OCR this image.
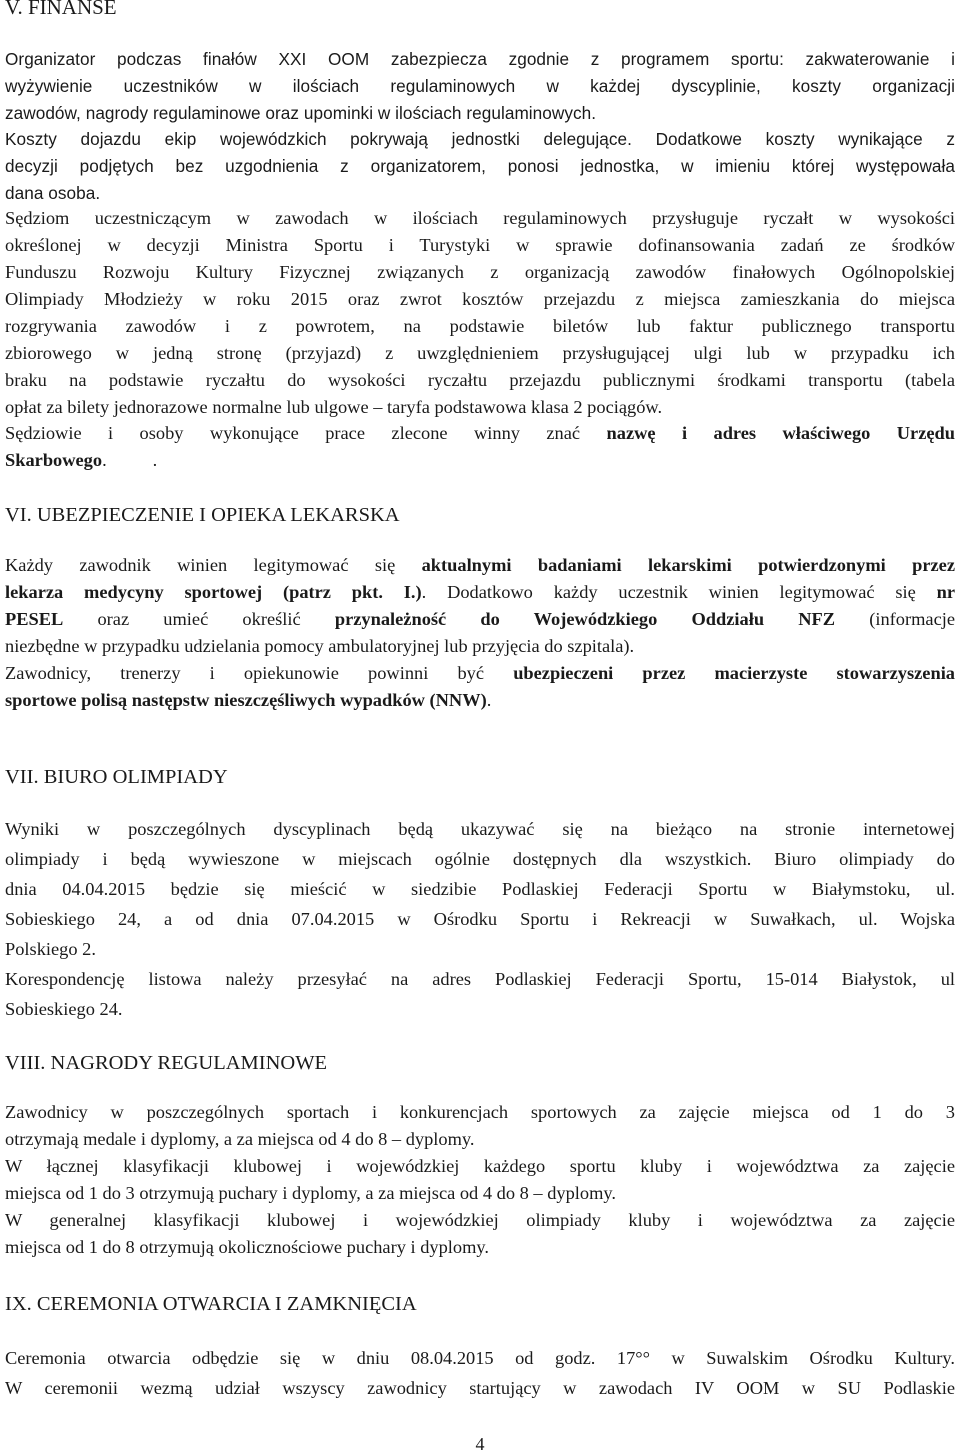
V. FINANSE
Organizator podczas finałów XXI OOM zabezpiecza zgodnie z programem sportu: zakwaterowanie i
wyżywienie uczestników w ilościach regulaminowych w każdej dyscyplinie, koszty organizacji
zawodów, nagrody regulaminowe oraz upominki w ilościach regulaminowych.
Koszty dojazdu ekip wojewódzkich pokrywają jednostki delegujące. Dodatkowe koszty wynikające z
decyzji podjętych bez uzgodnienia z organizatorem, ponosi jednostka, w imieniu której występowała
dana osoba.
Sędziom uczestniczącym w zawodach w ilościach regulaminowych przysługuje ryczałt w wysokości
określonej w decyzji Ministra Sportu i Turystyki w sprawie dofinansowania zadań ze środków
Funduszu Rozwoju Kultury Fizycznej związanych z organizacją zawodów finałowych Ogólnopolskiej
Olimpiady Młodzieży w roku 2015 oraz zwrot kosztów przejazdu z miejsca zamieszkania do miejsca
rozgrywania zawodów i z powrotem, na podstawie biletów lub faktur publicznego transportu
zbiorowego w jedną stronę (przyjazd) z uwzględnieniem przysługującej ulgi lub w przypadku ich
braku na podstawie ryczałtu do wysokości ryczałtu przejazdu publicznymi środkami transportu (tabela
opłat za bilety jednorazowe normalne lub ulgowe – taryfa podstawowa klasa 2 pociągów.
Sędziowie i osoby wykonujące prace zlecone winny znać nazwę i adres właściwego Urzędu
Skarbowego.          .
VI. UBEZPIECZENIE I OPIEKA LEKARSKA
Każdy zawodnik winien legitymować się aktualnymi badaniami lekarskimi potwierdzonymi przez
lekarza medycyny sportowej (patrz pkt. I.). Dodatkowo każdy uczestnik winien legitymować się nr
PESEL oraz umieć określić przynależność do Wojewódzkiego Oddziału NFZ (informacje
niezbędne w przypadku udzielania pomocy ambulatoryjnej lub przyjęcia do szpitala).
Zawodnicy, trenerzy i opiekunowie powinni być ubezpieczeni przez macierzyste stowarzyszenia
sportowe polisą następstw nieszczęśliwych wypadków (NNW).
VII. BIURO OLIMPIADY
Wyniki w poszczególnych dyscyplinach będą ukazywać się na bieżąco na stronie internetowej
olimpiady i będą wywieszone w miejscach ogólnie dostępnych dla wszystkich. Biuro olimpiady do
dnia 04.04.2015 będzie się mieścić w siedzibie Podlaskiej Federacji Sportu w Białymstoku, ul.
Sobieskiego 24, a od dnia 07.04.2015 w Ośrodku Sportu i Rekreacji w Suwałkach, ul. Wojska
Polskiego 2.
Korespondencję listowa należy przesyłać na adres Podlaskiej Federacji Sportu, 15-014 Białystok, ul
Sobieskiego 24.
VIII. NAGRODY REGULAMINOWE
Zawodnicy w poszczególnych sportach i konkurencjach sportowych za zajęcie miejsca od 1 do 3
otrzymają medale i dyplomy, a za miejsca od 4 do 8 – dyplomy.
W łącznej klasyfikacji klubowej i wojewódzkiej każdego sportu kluby i województwa za zajęcie
miejsca od 1 do 3 otrzymują puchary i dyplomy, a za miejsca od 4 do 8 – dyplomy.
W generalnej klasyfikacji klubowej i wojewódzkiej olimpiady kluby i województwa za zajęcie
miejsca od 1 do 8 otrzymują okolicznościowe puchary i dyplomy.
IX. CEREMONIA OTWARCIA I ZAMKNIĘCIA
Ceremonia otwarcia odbędzie się w dniu 08.04.2015 od godz. 17°° w Suwalskim Ośrodku Kultury.
W ceremonii wezmą udział wszyscy zawodnicy startujący w zawodach IV OOM w SU Podlaskie
4
